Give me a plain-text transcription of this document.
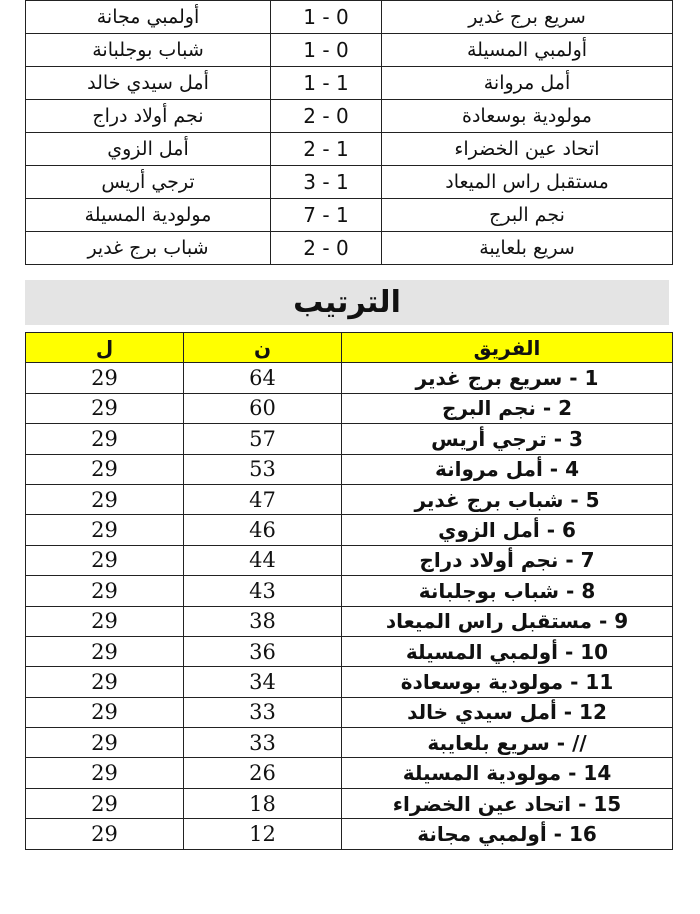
أولمبي مجانة	1 - 0	سريع برج غدير
شباب بوجلبانة	1 - 0	أولمبي المسيلة
أمل سيدي خالد	1 - 1	أمل مروانة
نجم أولاد دراج	2 - 0	مولودية بوسعادة
أمل الزوي	2 - 1	اتحاد عين الخضراء
ترجي أريس	3 - 1	مستقبل راس الميعاد
مولودية المسيلة	7 - 1	نجم البرج
شباب برج غدير	2 - 0	سريع بلعايبة
الترتيب
ل	ن	الفريق
29	64	1 - سريع برج غدير
29	60	2 - نجم البرج
29	57	3 - ترجي أريس
29	53	4 - أمل مروانة
29	47	5 - شباب برج غدير
29	46	6 - أمل الزوي
29	44	7 - نجم أولاد دراج
29	43	8 - شباب بوجلبانة
29	38	9 - مستقبل راس الميعاد
29	36	10 - أولمبي المسيلة
29	34	11 - مولودية بوسعادة
29	33	12 - أمل سيدي خالد
29	33	// - سريع بلعايبة
29	26	14 - مولودية المسيلة
29	18	15 - اتحاد عين الخضراء
29	12	16 - أولمبي مجانة
